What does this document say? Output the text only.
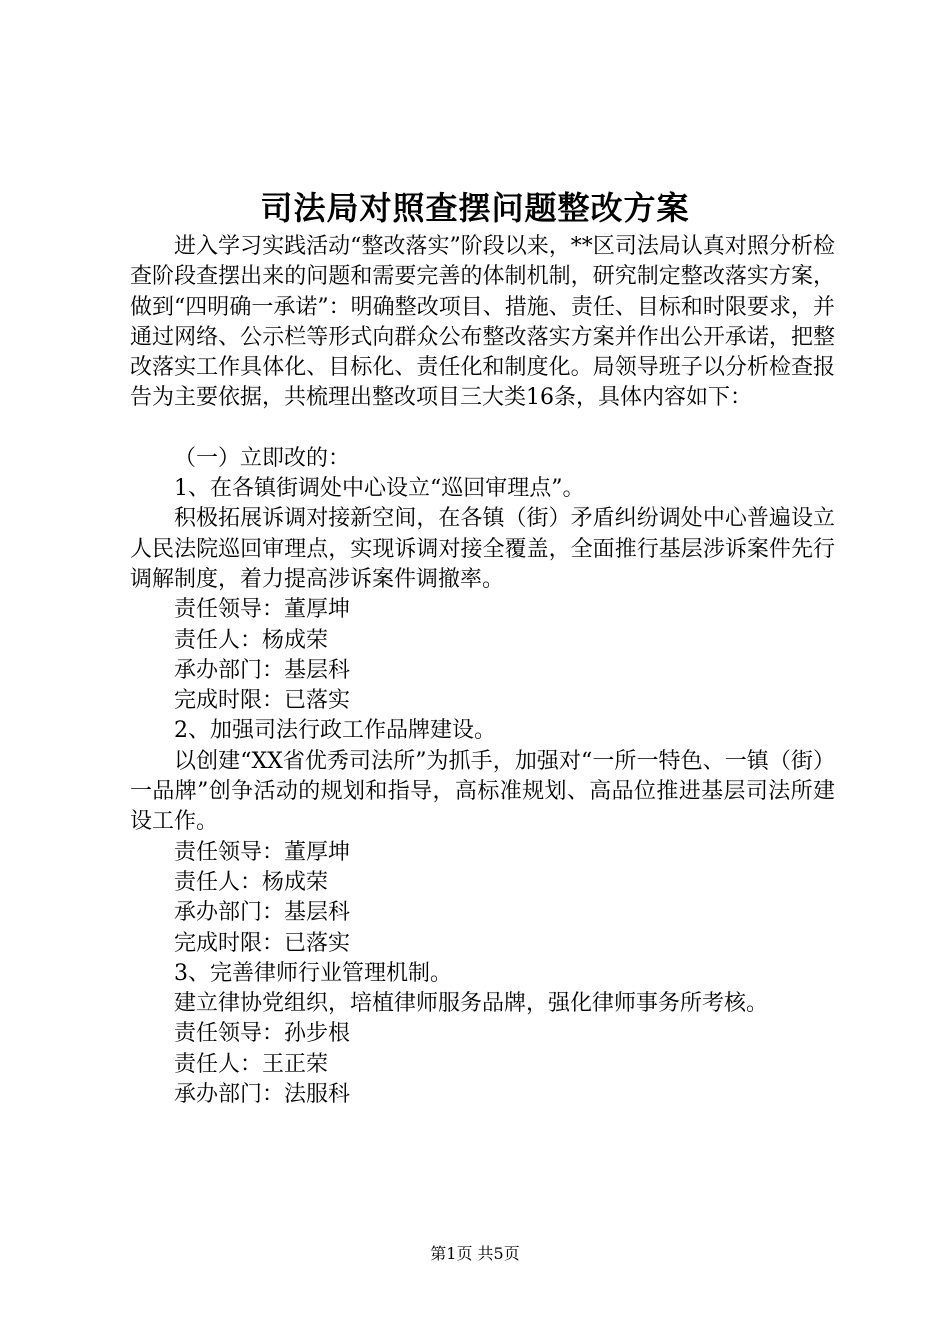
司法局对照查摆问题整改方案

进入学习实践活动“整改落实”阶段以来，**区司法局认真对照分析检查阶段查摆出来的问题和需要完善的体制机制，研究制定整改落实方案，做到“四明确一承诺”：明确整改项目、措施、责任、目标和时限要求，并通过网络、公示栏等形式向群众公布整改落实方案并作出公开承诺，把整改落实工作具体化、目标化、责任化和制度化。局领导班子以分析检查报告为主要依据，共梳理出整改项目三大类16条，具体内容如下：

（一）立即改的：

1、在各镇街调处中心设立“巡回审理点”。

积极拓展诉调对接新空间，在各镇（街）矛盾纠纷调处中心普遍设立人民法院巡回审理点，实现诉调对接全覆盖，全面推行基层涉诉案件先行调解制度，着力提高涉诉案件调撤率。

责任领导：董厚坤

责任人：杨成荣

承办部门：基层科

完成时限：已落实

2、加强司法行政工作品牌建设。

以创建“XX省优秀司法所”为抓手，加强对“一所一特色、一镇（街）一品牌”创争活动的规划和指导，高标准规划、高品位推进基层司法所建设工作。

责任领导：董厚坤

责任人：杨成荣

承办部门：基层科

完成时限：已落实

3、完善律师行业管理机制。

建立律协党组织，培植律师服务品牌，强化律师事务所考核。

责任领导：孙步根

责任人：王正荣

承办部门：法服科

第1页 共5页
